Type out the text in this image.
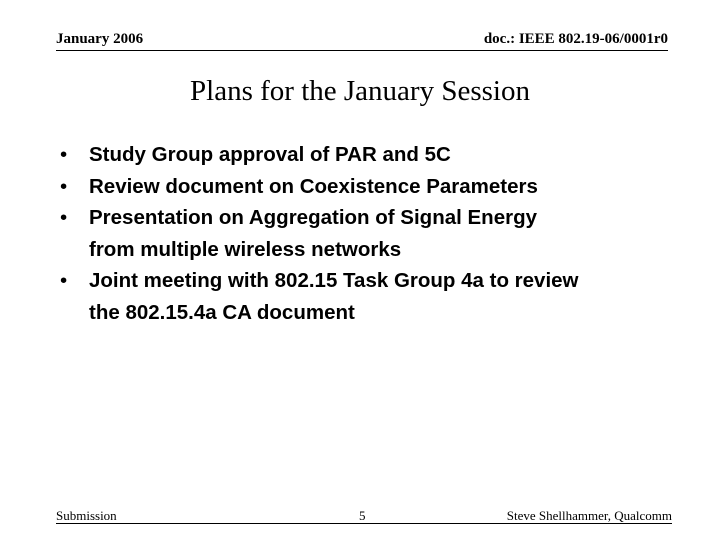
January 2006	doc.: IEEE 802.19-06/0001r0
Plans for the January Session
• Study Group approval of PAR and 5C
• Review document on Coexistence Parameters
• Presentation on Aggregation of Signal Energy
from multiple wireless networks
• Joint meeting with 802.15 Task Group 4a to review
the 802.15.4a CA document
Submission	5	Steve Shellhammer, Qualcomm
